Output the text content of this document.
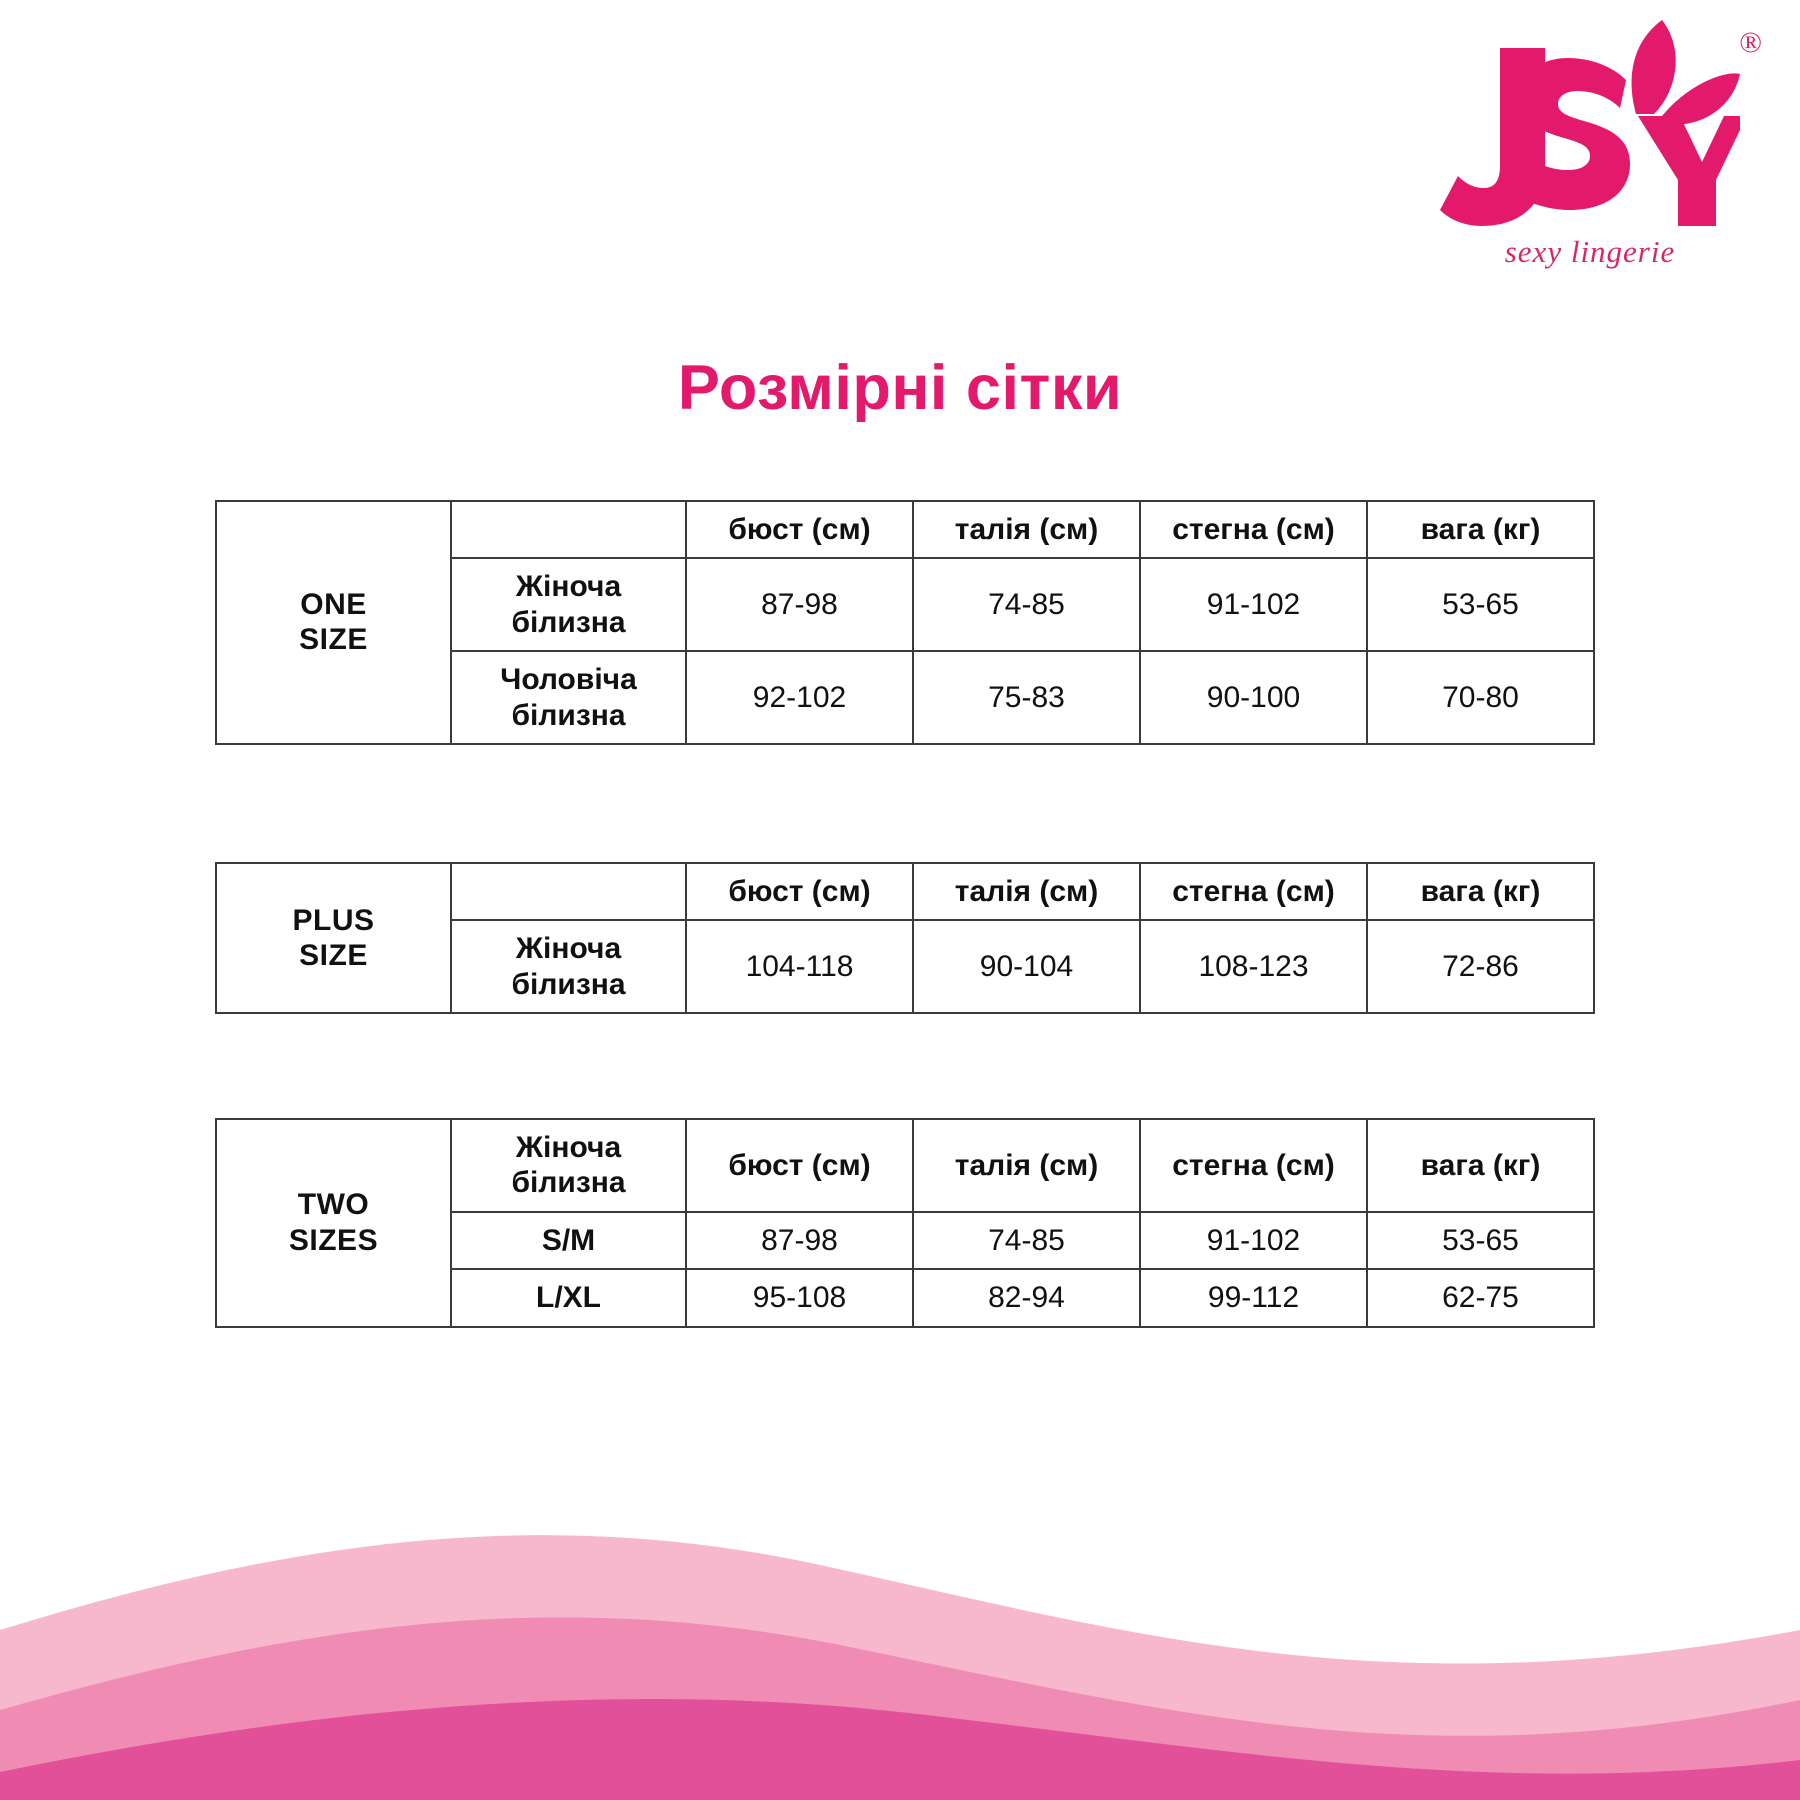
®
sexy lingerie
Розмірні сітки
ONE
SIZE		бюст (см)	талія (см)	стегна (см)	вага (кг)
	Жіноча білизна	87-98	74-85	91-102	53-65
	Чоловіча білизна	92-102	75-83	90-100	70-80
PLUS
SIZE		бюст (см)	талія (см)	стегна (см)	вага (кг)
	Жіноча білизна	104-118	90-104	108-123	72-86
TWO
SIZES	Жіноча білизна	бюст (см)	талія (см)	стегна (см)	вага (кг)
	S/M	87-98	74-85	91-102	53-65
	L/XL	95-108	82-94	99-112	62-75
